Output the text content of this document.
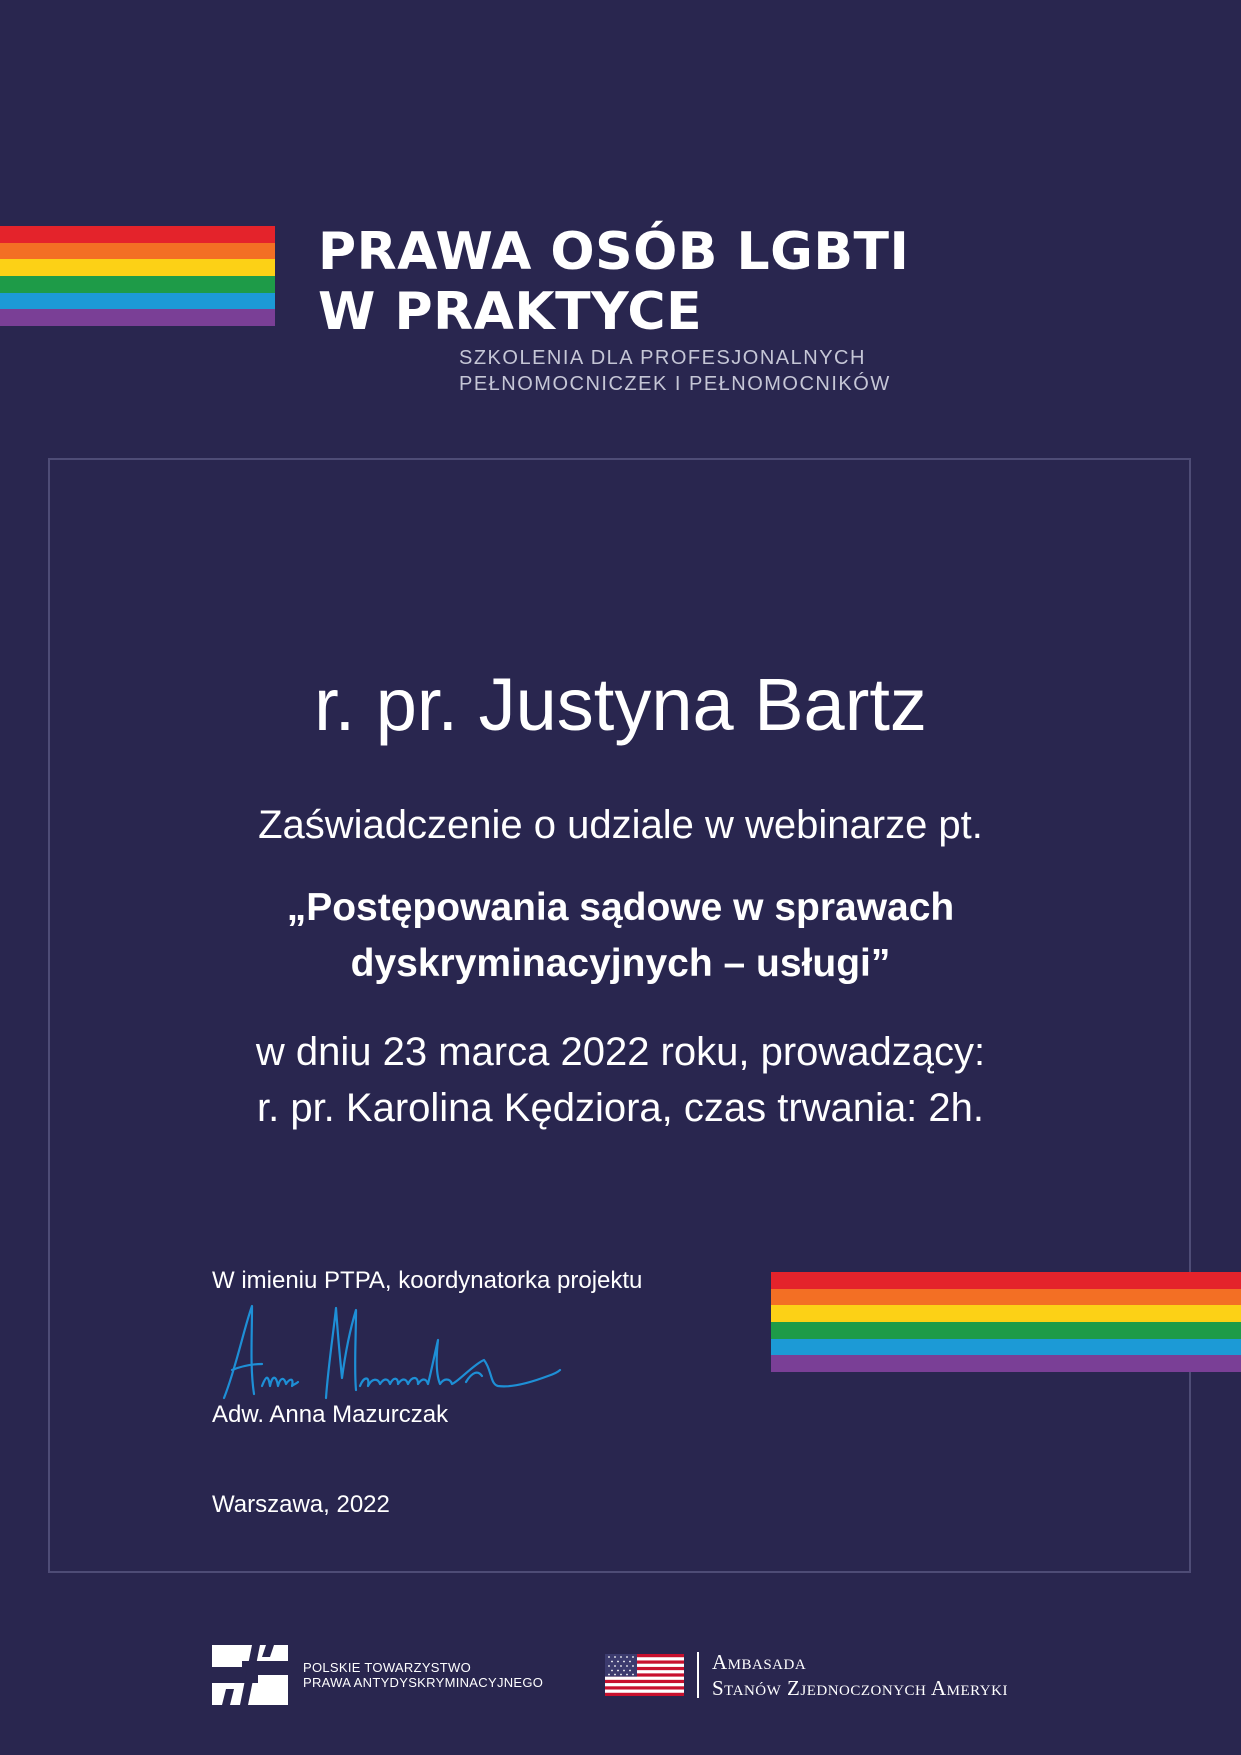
PRAWA OSÓB LGBTI
W PRAKTYCE
SZKOLENIA DLA PROFESJONALNYCH
PEŁNOMOCNICZEK I PEŁNOMOCNIKÓW
r. pr. Justyna Bartz
Zaświadczenie o udziale w webinarze pt.
„Postępowania sądowe w sprawach
dyskryminacyjnych – usługi”
w dniu 23 marca 2022 roku, prowadzący:
r. pr. Karolina Kędziora, czas trwania: 2h.
W imieniu PTPA, koordynatorka projektu
Adw. Anna Mazurczak
Warszawa, 2022
POLSKIE TOWARZYSTWO
PRAWA ANTYDYSKRYMINACYJNEGO
Ambasada
Stanów Zjednoczonych Ameryki
